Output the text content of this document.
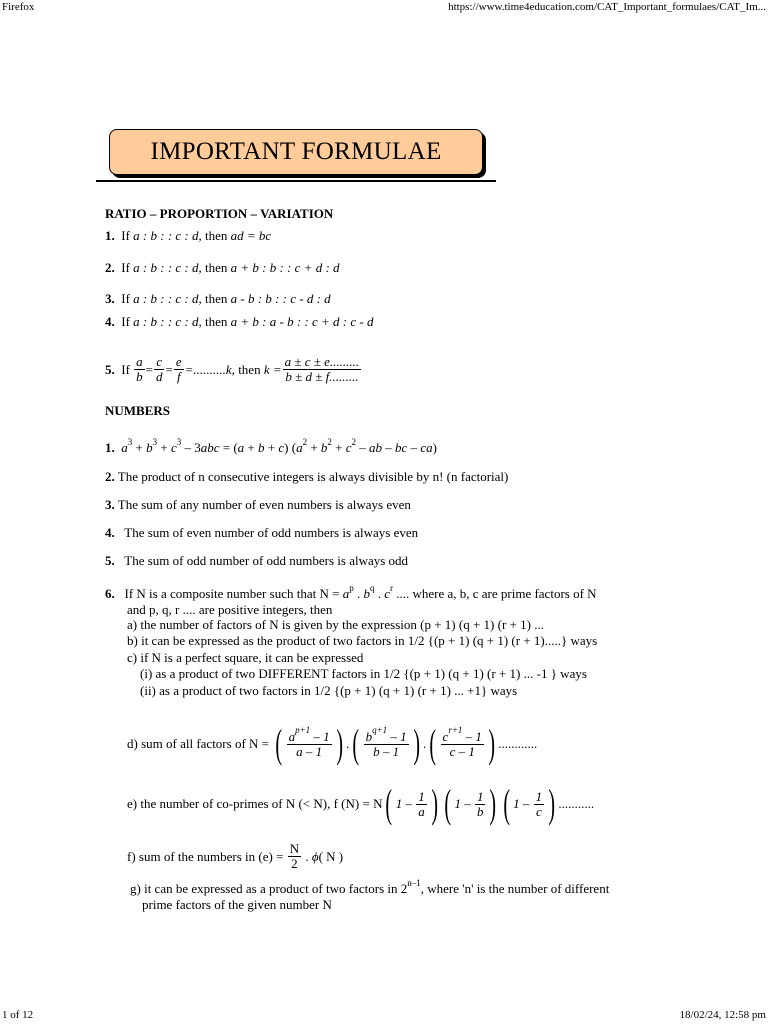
Firefox	https://www.time4education.com/CAT_Important_formulaes/CAT_Im...
1 of 12	18/02/24, 12:58 pm
IMPORTANT FORMULAE
RATIO – PROPORTION – VARIATION
1. If a : b : : c : d, then ad = bc
2. If a : b : : c : d, then a + b : b : : c + d : d
3. If a : b : : c : d, then a - b : b : : c - d : d
4. If a : b : : c : d, then a + b : a - b : : c + d : c - d
5.
If
$\frac{a}{b} = \frac{c}{d} = \frac{e}{f} =..........k$,
then
$k = \frac{a \pm c \pm e.........}{b \pm d \pm f.........}$
NUMBERS
1. $a^3 + b^3 + c^3 - 3abc = (a + b + c) (a^2 + b^2 + c^2$ – ab – bc – ca)
2. The product of n consecutive integers is always divisible by n! (n factorial)
3. The sum of any number of even numbers is always even
4. The sum of even number of odd numbers is always even
5. The sum of odd number of odd numbers is always odd
6. If N is a composite number such that $N = a^p$ . $b^q$ . $c^r$ .... where a, b, c are prime factors of N
and p, q, r .... are positive integers, then
a) the number of factors of N is given by the expression (p + 1) (q + 1) (r + 1) ...
b) it can be expressed as the product of two factors in 1/2 {(p + 1) (q + 1) (r + 1).....} ways
c) if N is a perfect square, it can be expressed
(i) as a product of two DIFFERENT factors in 1/2 {(p + 1) (q + 1) (r + 1) ... -1 } ways
(ii) as a product of two factors in 1/2 {(p + 1) (q + 1) (r + 1) ... +1} ways
d) sum of all factors of N =
( $\frac{a^{p+1} - 1}{a - 1}$ ) . ( $\frac{b^{q+1} - 1}{b - 1}$ ) . ( $\frac{c^{r+1} - 1}{c - 1}$ ) ............
e) the number of co-primes of N (< N), f (N) = N ( $1 - \frac{1}{a}$ ) ( $1 - \frac{1}{b}$ ) ( $1 - \frac{1}{c}$ ) ...........
f) sum of the numbers in (e) =
$\frac{N}{2}$ . ϕ ( N )
g) it can be expressed as a product of two factors in 2$^{n-1}$, where 'n' is the number of different
prime factors of the given number N
